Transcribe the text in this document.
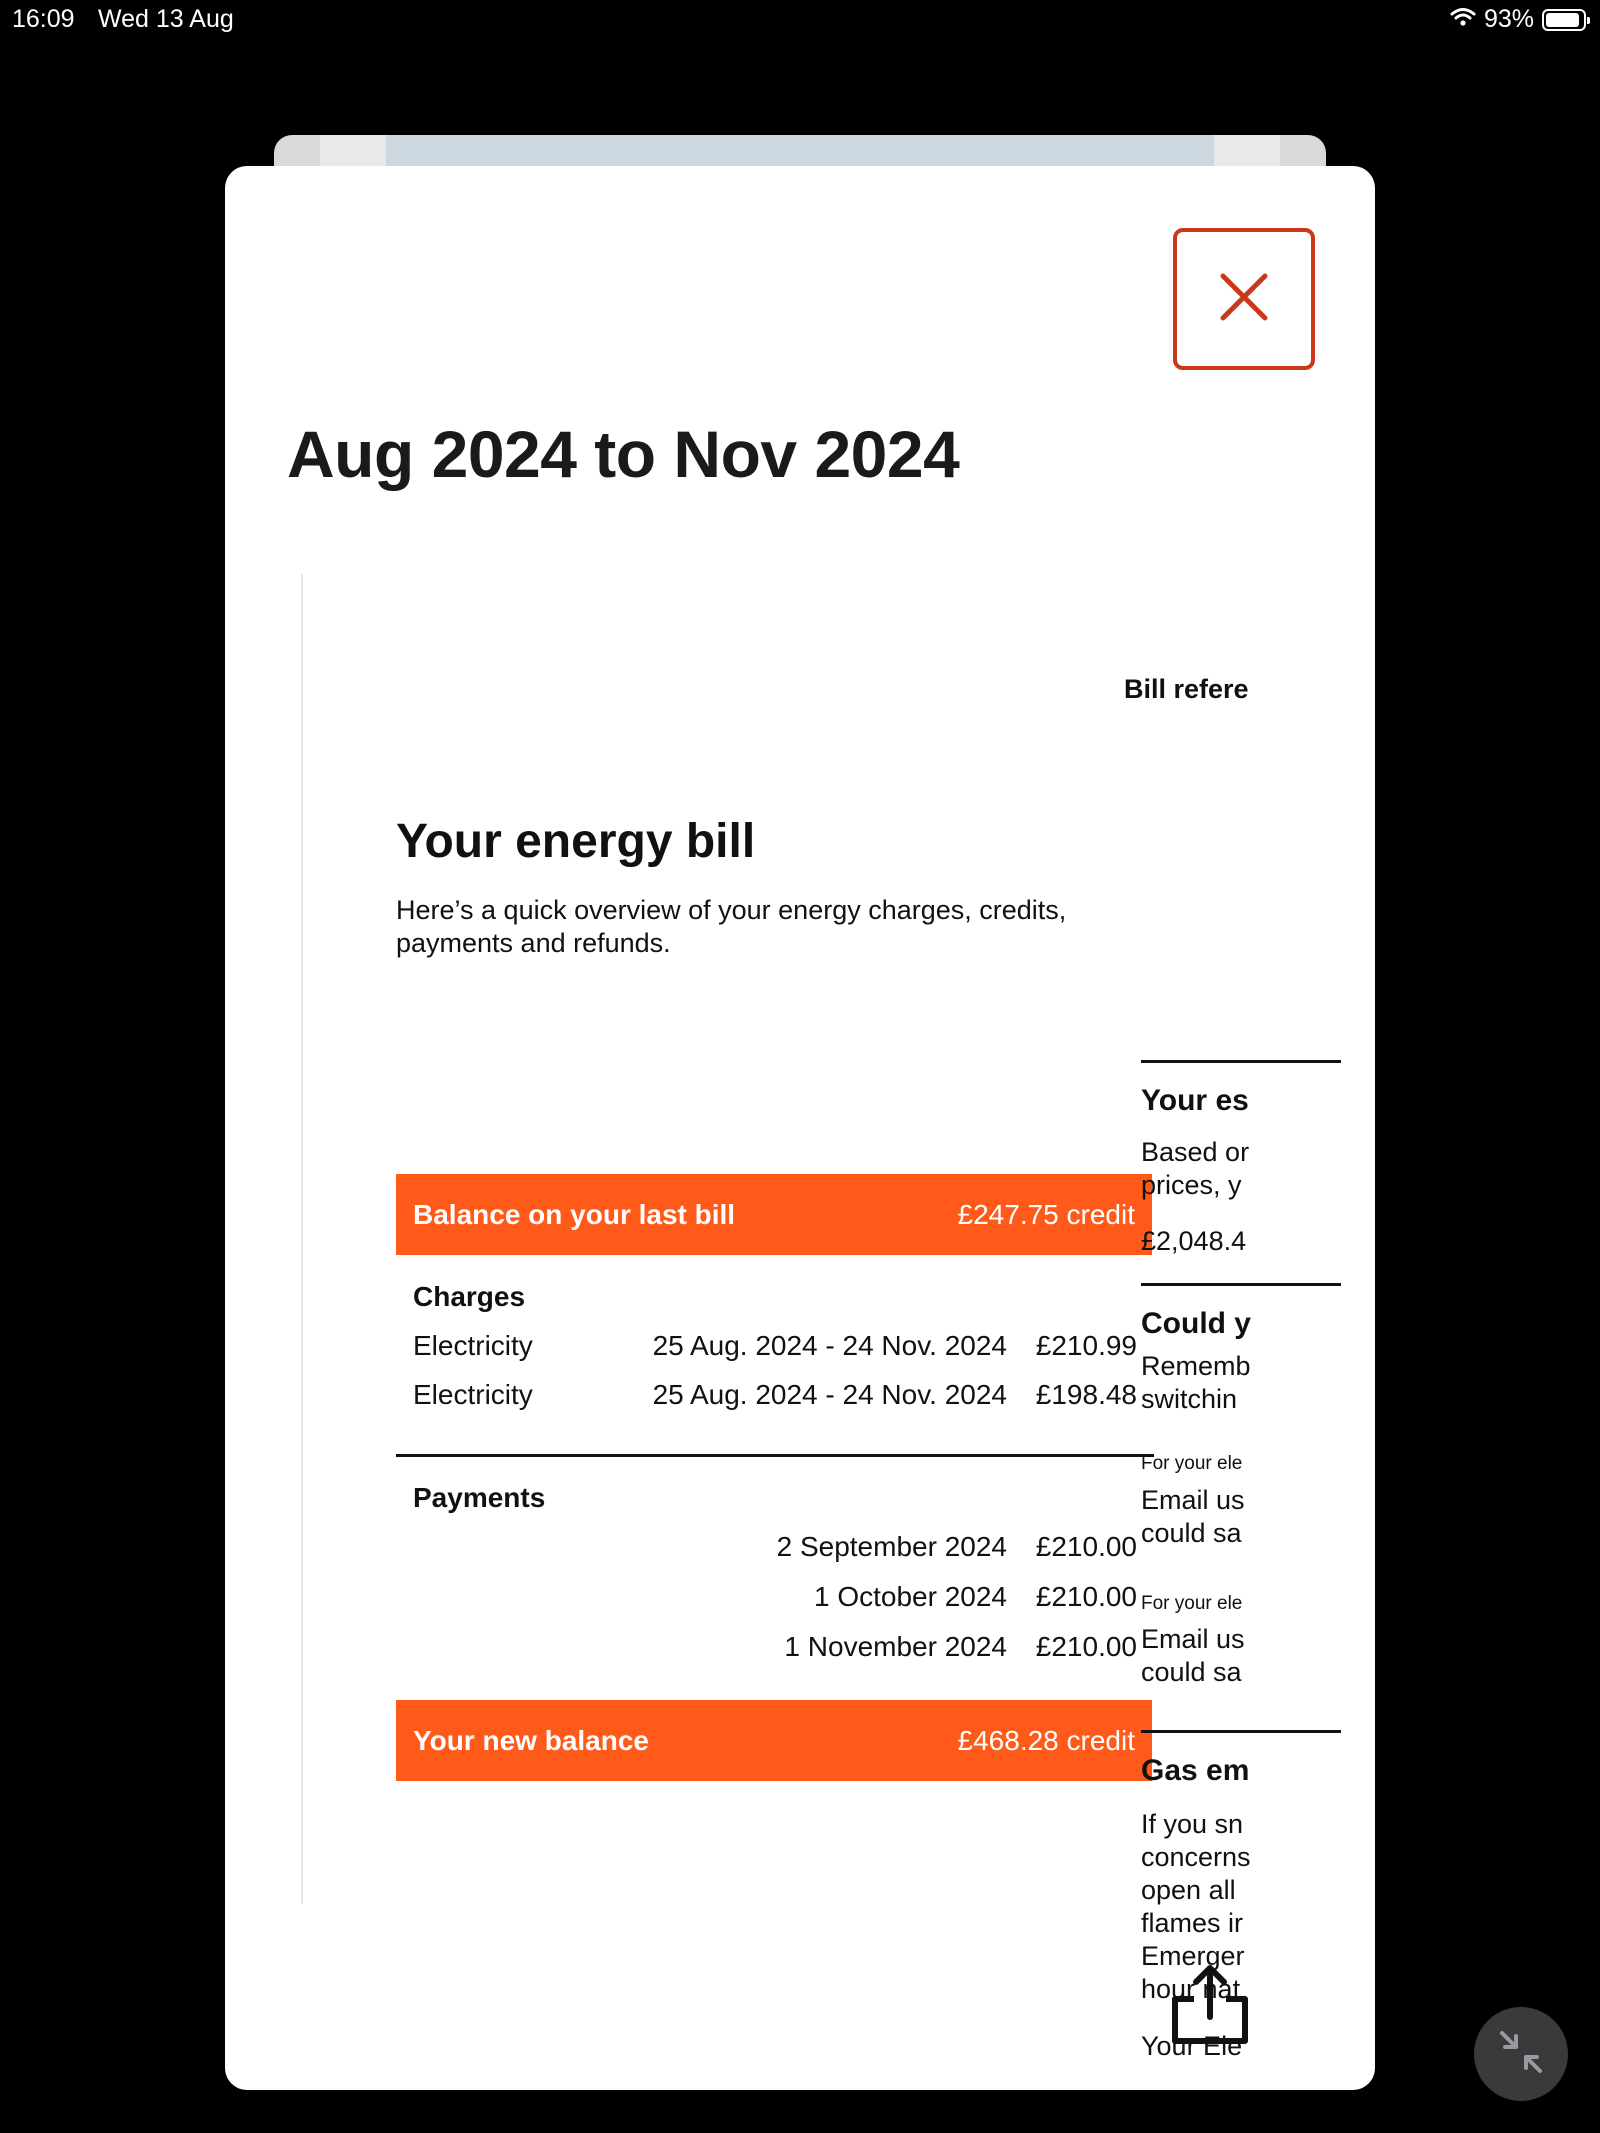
16:09 Wed 13 Aug	93%
Aug 2024 to Nov 2024
Bill refere
Your energy bill

Here’s a quick overview of your energy charges, credits, payments and refunds.

Balance on your last bill	£247.75 credit
Charges
Electricity	25 Aug. 2024 - 24 Nov. 2024 £210.99
Electricity	25 Aug. 2024 - 24 Nov. 2024 £198.48
Payments
2 September 2024 £210.00
1 October 2024 £210.00
1 November 2024 £210.00
Your new balance	£468.28 credit
Your es
Based or
prices, y
£2,048.4
Could y
Rememb
switchin
For your ele
Email us
could sa
For your ele
Email us
could sa
Gas em
If you sn
concerns
open all
flames ir
Emerger
hour nat
Your Ele
